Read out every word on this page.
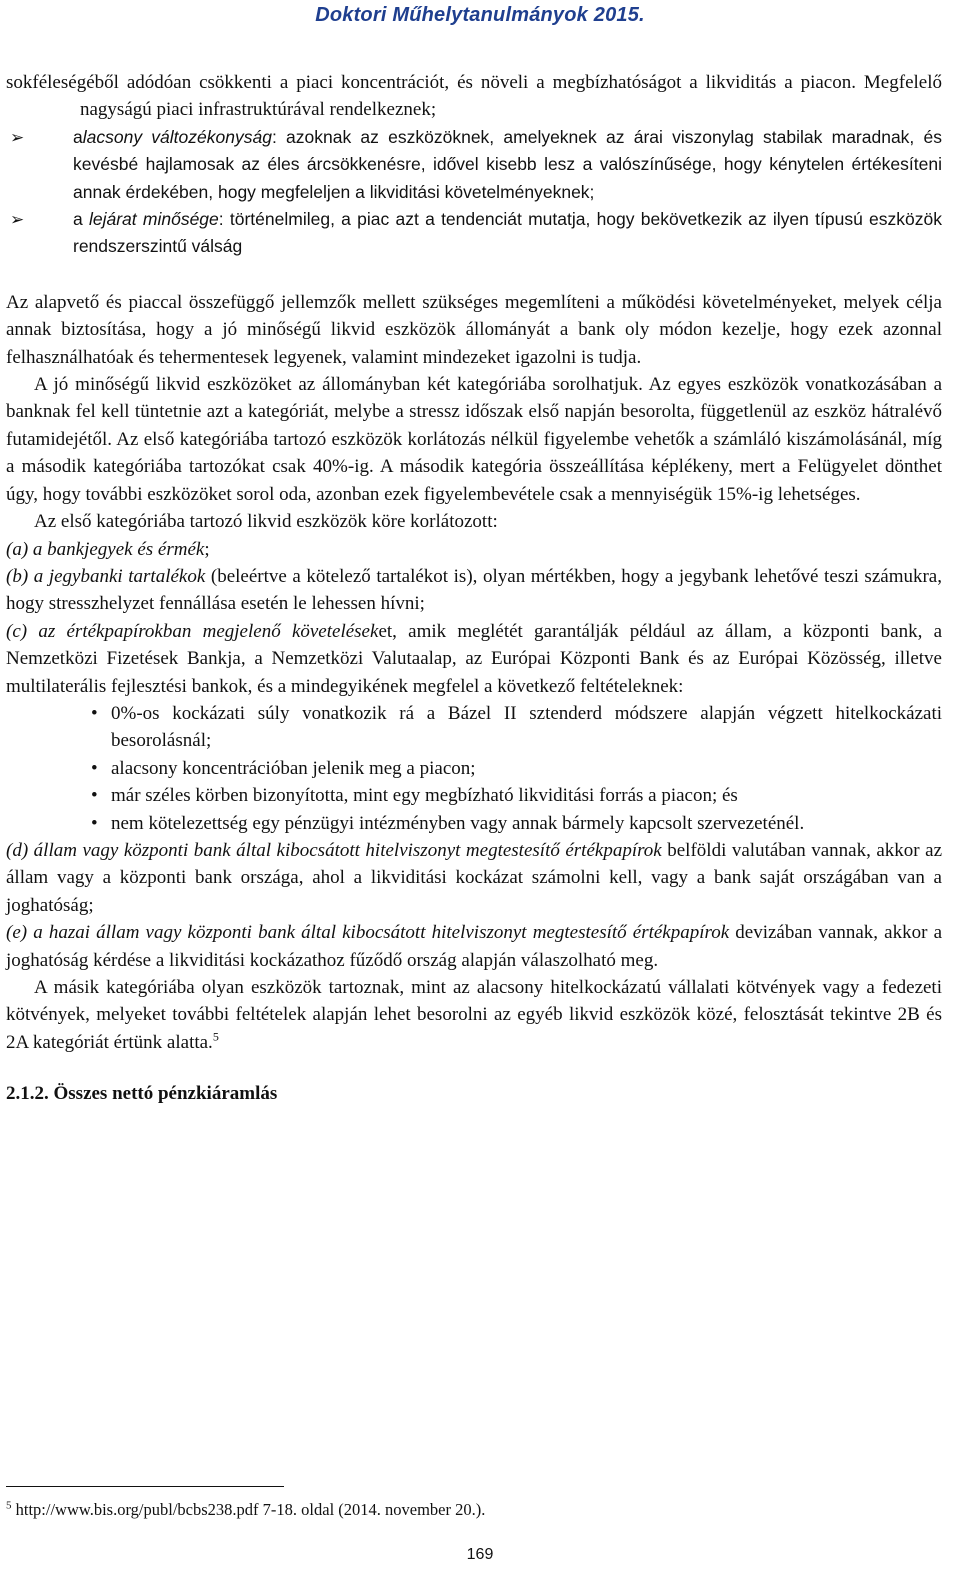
Doktori Műhelytanulmányok 2015.

sokféleségéből adódóan csökkenti a piaci koncentrációt, és növeli a megbízhatóságot a likviditás a piacon. Megfelelő nagyságú piaci infrastruktúrával rendelkeznek;

➢	alacsony változékonyság: azoknak az eszközöknek, amelyeknek az árai viszonylag stabilak maradnak, és kevésbé hajlamosak az éles árcsökkenésre, idővel kisebb lesz a valószínűsége, hogy kénytelen értékesíteni annak érdekében, hogy megfeleljen a likviditási követelményeknek;
➢	a lejárat minősége: történelmileg, a piac azt a tendenciát mutatja, hogy bekövetkezik az ilyen típusú eszközök rendszerszintű válság

Az alapvető és piaccal összefüggő jellemzők mellett szükséges megemlíteni a működési követelményeket, melyek célja annak biztosítása, hogy a jó minőségű likvid eszközök állományát a bank oly módon kezelje, hogy ezek azonnal felhasználhatóak és tehermentesek legyenek, valamint mindezeket igazolni is tudja.

A jó minőségű likvid eszközöket az állományban két kategóriába sorolhatjuk. Az egyes eszközök vonatkozásában a banknak fel kell tüntetnie azt a kategóriát, melybe a stressz időszak első napján besorolta, függetlenül az eszköz hátralévő futamidejétől. Az első kategóriába tartozó eszközök korlátozás nélkül figyelembe vehetők a számláló kiszámolásánál, míg a második kategóriába tartozókat csak 40%-ig. A második kategória összeállítása képlékeny, mert a Felügyelet dönthet úgy, hogy további eszközöket sorol oda, azonban ezek figyelembevétele csak a mennyiségük 15%-ig lehetséges.

Az első kategóriába tartozó likvid eszközök köre korlátozott:

(a) a bankjegyek és érmék;

(b) a jegybanki tartalékok (beleértve a kötelező tartalékot is), olyan mértékben, hogy a jegybank lehetővé teszi számukra, hogy stresszhelyzet fennállása esetén le lehessen hívni;

(c) az értékpapírokban megjelenő követeléseket, amik meglétét garantálják például az állam, a központi bank, a Nemzetközi Fizetések Bankja, a Nemzetközi Valutaalap, az Európai Központi Bank és az Európai Közösség, illetve multilaterális fejlesztési bankok, és a mindegyikének megfelel a következő feltételeknek:

• 0%-os kockázati súly vonatkozik rá a Bázel II sztenderd módszere alapján végzett hitelkockázati besorolásnál;
• alacsony koncentrációban jelenik meg a piacon;
• már széles körben bizonyította, mint egy megbízható likviditási forrás a piacon; és
• nem kötelezettség egy pénzügyi intézményben vagy annak bármely kapcsolt szervezeténél.

(d) állam vagy központi bank által kibocsátott hitelviszonyt megtestesítő értékpapírok belföldi valutában vannak, akkor az állam vagy a központi bank országa, ahol a likviditási kockázat számolni kell, vagy a bank saját országában van a joghatóság;

(e) a hazai állam vagy központi bank által kibocsátott hitelviszonyt megtestesítő értékpapírok devizában vannak, akkor a joghatóság kérdése a likviditási kockázathoz fűződő ország alapján válaszolható meg.

A másik kategóriába olyan eszközök tartoznak, mint az alacsony hitelkockázatú vállalati kötvények vagy a fedezeti kötvények, melyeket további feltételek alapján lehet besorolni az egyéb likvid eszközök közé, felosztását tekintve 2B és 2A kategóriát értünk alatta.$^5$

2.1.2. Összes nettó pénzkiáramlás

$^5$ http://www.bis.org/publ/bcbs238.pdf 7-18. oldal (2014. november 20.).
169
